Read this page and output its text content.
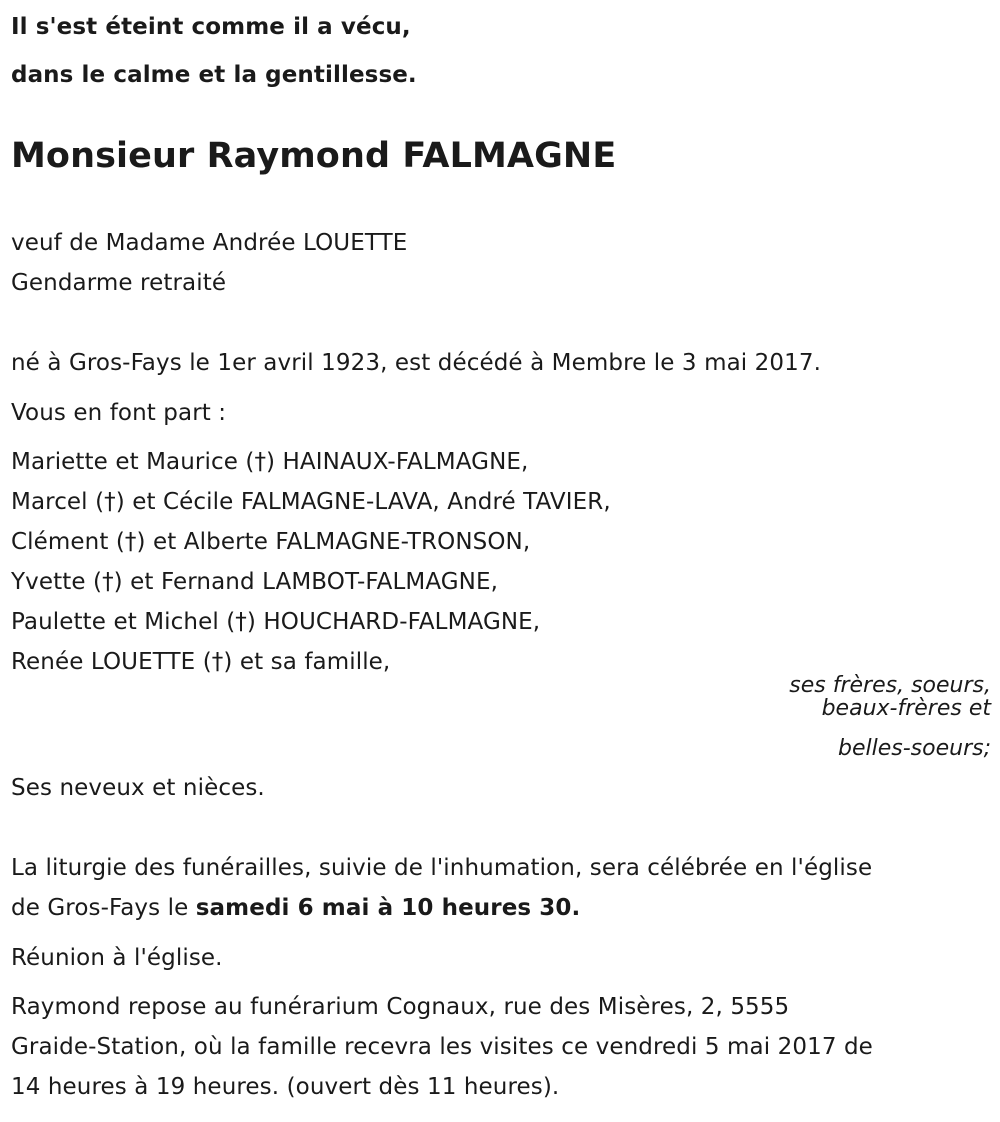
Il s'est éteint comme il a vécu,
dans le calme et la gentillesse.
Monsieur Raymond FALMAGNE
veuf de Madame Andrée LOUETTE
Gendarme retraité
né à Gros-Fays le 1er avril 1923, est décédé à Membre le 3 mai 2017.
Vous en font part :
Mariette et Maurice (†) HAINAUX-FALMAGNE,
Marcel (†) et Cécile FALMAGNE-LAVA, André TAVIER,
Clément (†) et Alberte FALMAGNE-TRONSON,
Yvette (†) et Fernand LAMBOT-FALMAGNE,
Paulette et Michel (†) HOUCHARD-FALMAGNE,
Renée LOUETTE (†) et sa famille,
ses frères, soeurs,
beaux-frères et
belles-soeurs;
Ses neveux et nièces.
La liturgie des funérailles, suivie de l'inhumation, sera célébrée en l'église
de Gros-Fays le samedi 6 mai à 10 heures 30.
Réunion à l'église.
Raymond repose au funérarium Cognaux, rue des Misères, 2, 5555
Graide-Station, où la famille recevra les visites ce vendredi 5 mai 2017 de
14 heures à 19 heures. (ouvert dès 11 heures).
